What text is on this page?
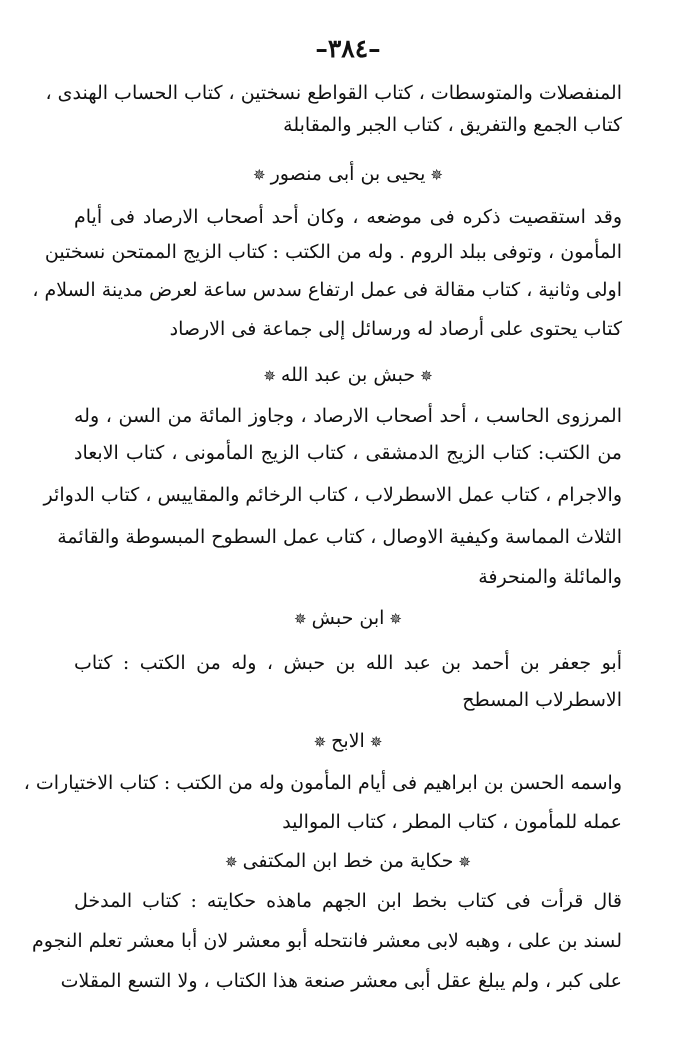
–٣٨٤–
المنفصلات والمتوسطات ، كتاب القواطع نسختين ، كتاب الحساب الهندى ،
كتاب الجمع والتفريق ، كتاب الجبر والمقابلة
✵يحيى بن أبى منصور✵
وقد استقصيت ذكره فى موضعه ، وكان أحد أصحاب الارصاد فى أيام
المأمون ، وتوفى ببلد الروم . وله من الكتب : كتاب الزيج الممتحن نسختين
اولى وثانية ، كتاب مقالة فى عمل ارتفاع سدس ساعة لعرض مدينة السلام ،
كتاب يحتوى على أرصاد له ورسائل إلى جماعة فى الارصاد
✵حبش بن عبد الله✵
المرزوى الحاسب ، أحد أصحاب الارصاد ، وجاوز المائة من السن ، وله
من الكتب: كتاب الزيج الدمشقى ، كتاب الزيج المأمونى ، كتاب الابعاد
والاجرام ، كتاب عمل الاسطرلاب ، كتاب الرخائم والمقاييس ، كتاب الدوائر
الثلاث المماسة وكيفية الاوصال ، كتاب عمل السطوح المبسوطة والقائمة
والمائلة والمنحرفة
✵ابن حبش✵
أبو جعفر بن أحمد بن عبد الله بن حبش ، وله من الكتب : كتاب
الاسطرلاب المسطح
✵الابح✵
واسمه الحسن بن ابراهيم فى أيام المأمون وله من الكتب : كتاب الاختيارات ،
عمله للمأمون ، كتاب المطر ، كتاب المواليد
✵حكاية من خط ابن المكتفى✵
قال قرأت فى كتاب بخط ابن الجهم ماهذه حكايته : كتاب المدخل
لسند بن على ، وهبه لابى معشر فانتحله أبو معشر لان أبا معشر تعلم النجوم
على كبر ، ولم يبلغ عقل أبى معشر صنعة هذا الكتاب ، ولا التسع المقلات
